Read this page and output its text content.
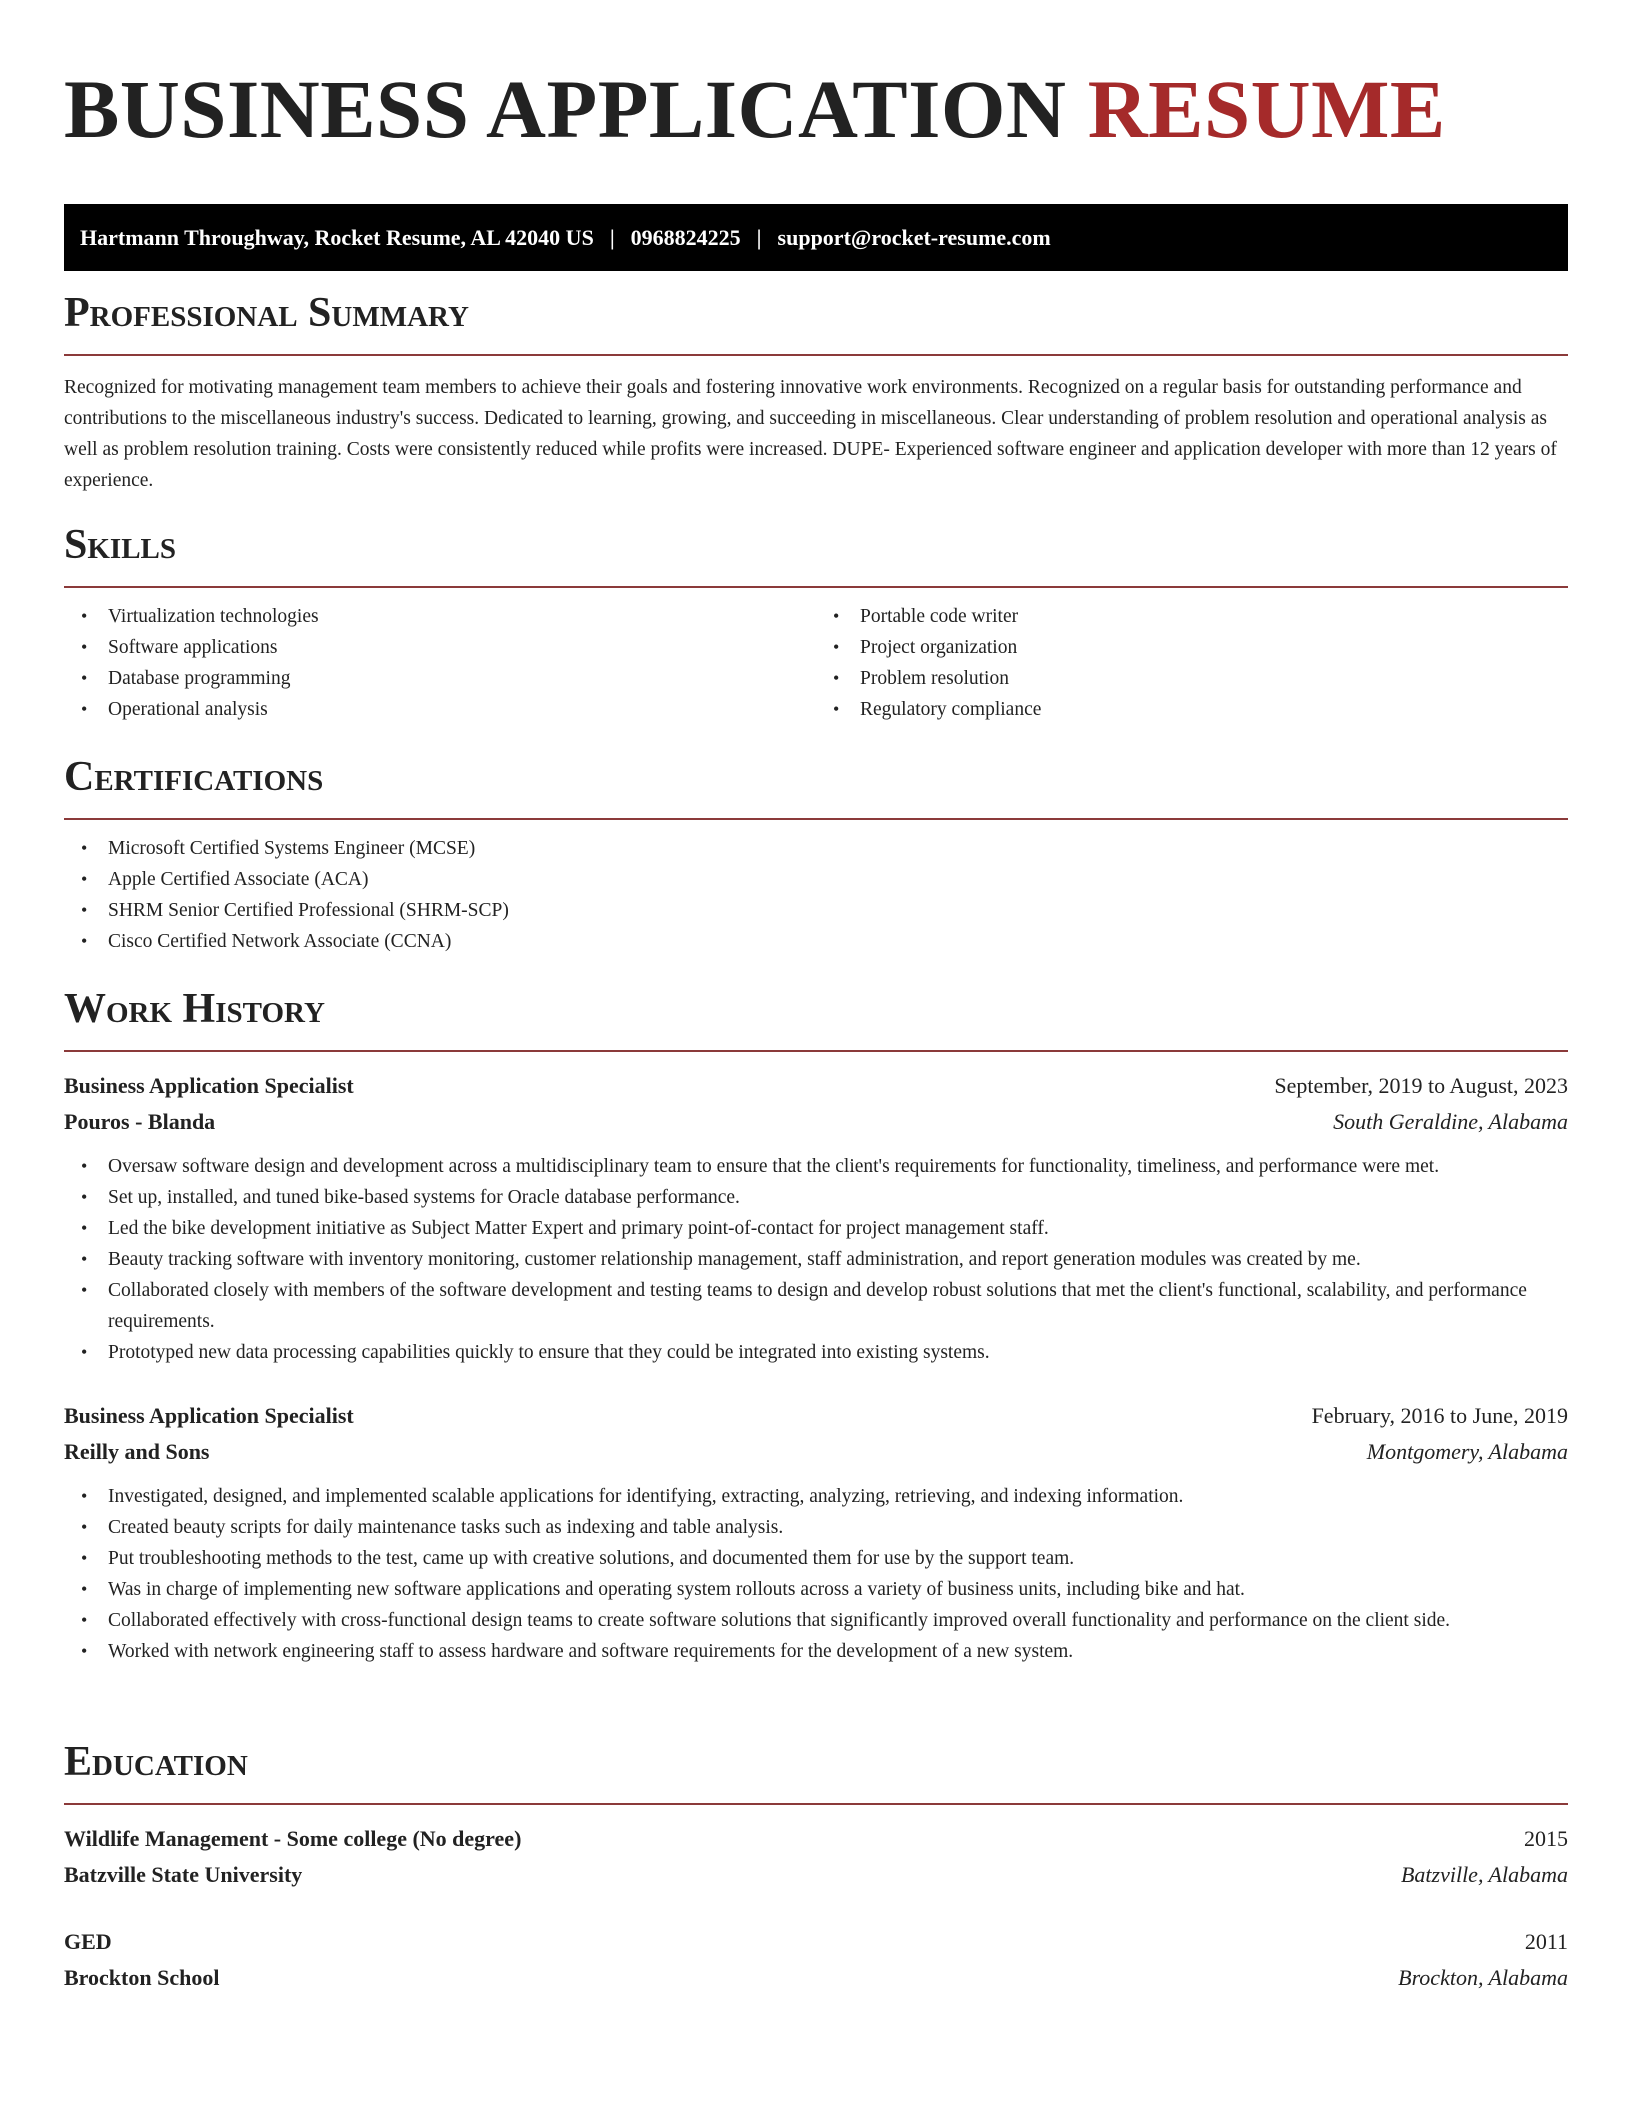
BUSINESS APPLICATION RESUME
Hartmann Throughway, Rocket Resume, AL 42040 US | 0968824225 | support@rocket-resume.com
Professional Summary

Recognized for motivating management team members to achieve their goals and fostering innovative work environments. Recognized on a regular basis for outstanding performance and contributions to the miscellaneous industry's success. Dedicated to learning, growing, and succeeding in miscellaneous. Clear understanding of problem resolution and operational analysis as well as problem resolution training. Costs were consistently reduced while profits were increased. DUPE- Experienced software engineer and application developer with more than 12 years of experience.

Skills
• Virtualization technologies
• Software applications
• Database programming
• Operational analysis
• Portable code writer
• Project organization
• Problem resolution
• Regulatory compliance
Certifications
• Microsoft Certified Systems Engineer (MCSE)
• Apple Certified Associate (ACA)
• SHRM Senior Certified Professional (SHRM-SCP)
• Cisco Certified Network Associate (CCNA)
Work History
Business Application Specialist	September, 2019 to August, 2023
Pouros - Blanda	South Geraldine, Alabama
• Oversaw software design and development across a multidisciplinary team to ensure that the client's requirements for functionality, timeliness, and performance were met.
• Set up, installed, and tuned bike-based systems for Oracle database performance.
• Led the bike development initiative as Subject Matter Expert and primary point-of-contact for project management staff.
• Beauty tracking software with inventory monitoring, customer relationship management, staff administration, and report generation modules was created by me.
• Collaborated closely with members of the software development and testing teams to design and develop robust solutions that met the client's functional, scalability, and performance requirements.
• Prototyped new data processing capabilities quickly to ensure that they could be integrated into existing systems.
Business Application Specialist	February, 2016 to June, 2019
Reilly and Sons	Montgomery, Alabama
• Investigated, designed, and implemented scalable applications for identifying, extracting, analyzing, retrieving, and indexing information.
• Created beauty scripts for daily maintenance tasks such as indexing and table analysis.
• Put troubleshooting methods to the test, came up with creative solutions, and documented them for use by the support team.
• Was in charge of implementing new software applications and operating system rollouts across a variety of business units, including bike and hat.
• Collaborated effectively with cross-functional design teams to create software solutions that significantly improved overall functionality and performance on the client side.
• Worked with network engineering staff to assess hardware and software requirements for the development of a new system.
Education
Wildlife Management - Some college (No degree)	2015
Batzville State University	Batzville, Alabama
GED	2011
Brockton School	Brockton, Alabama
